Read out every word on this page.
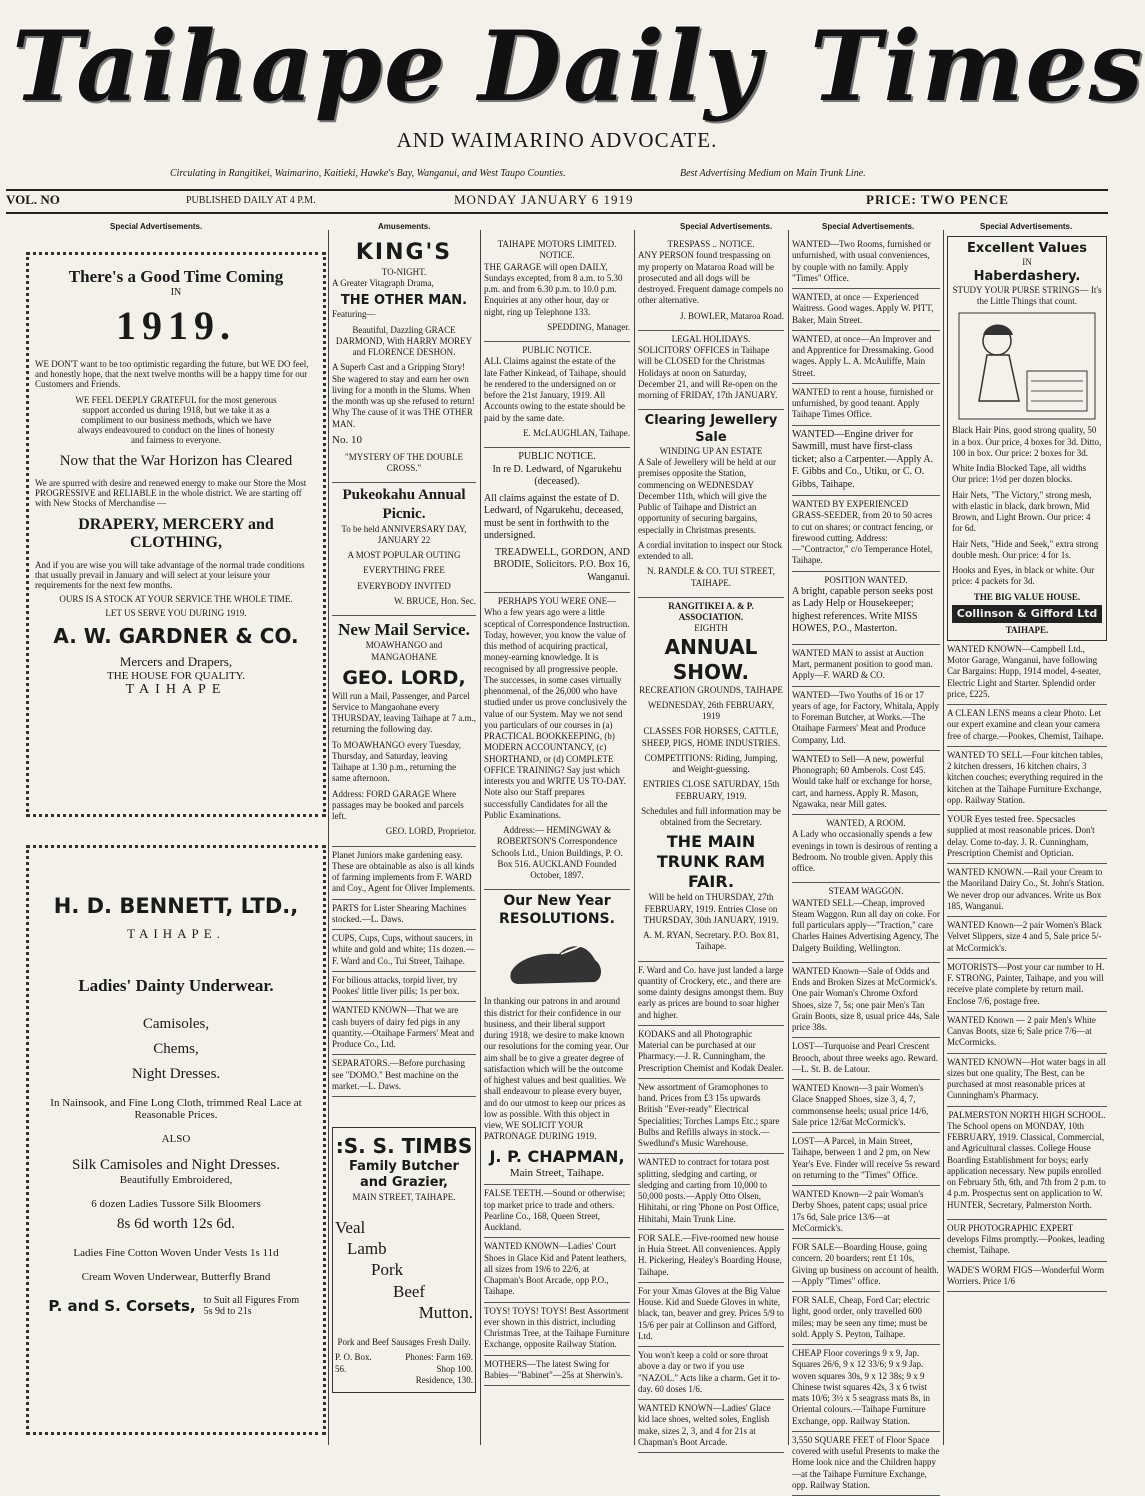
Taihape Daily Times
AND WAIMARINO ADVOCATE.
Circulating in Rangitikei, Waimarino, Kaitieki, Hawke's Bay, Wanganui, and West Taupo Counties.	Best Advertising Medium on Main Trunk Line.
VOL. NO	PUBLISHED DAILY AT 4 P.M.	MONDAY JANUARY 6 1919	PRICE: TWO PENCE
Special Advertisements.	Amusements.	Special Advertisements.	Special Advertisements.	Special Advertisements.
There's a Good Time Coming
IN
1919.

WE DON'T want to be too optimistic regarding the future, but WE DO feel, and honestly hope, that the next twelve months will be a happy time for our Customers and Friends.

WE FEEL DEEPLY GRATEFUL for the most generous support accorded us during 1918, but we take it as a compliment to our business methods, which we have always endeavoured to conduct on the lines of honesty and fairness to everyone.

Now that the War Horizon has Cleared

We are spurred with desire and renewed energy to make our Store the Most PROGRESSIVE and RELIABLE in the whole district. We are starting off with New Stocks of Merchandise —

DRAPERY, MERCERY and CLOTHING,

And if you are wise you will take advantage of the normal trade conditions that usually prevail in January and will select at your leisure your requirements for the next few months.

OURS IS A STOCK AT YOUR SERVICE THE WHOLE TIME.

LET US SERVE YOU DURING 1919.

A. W. GARDNER & CO.
Mercers and Drapers,
THE HOUSE FOR QUALITY.
TAIHAPE
H. D. BENNETT, LTD.,
TAIHAPE.
Ladies' Dainty Underwear.
Camisoles,
Chems,
Night Dresses.

In Nainsook, and Fine Long Cloth, trimmed Real Lace at Reasonable Prices.

ALSO
Silk Camisoles and Night Dresses.

Beautifully Embroidered,

6 dozen Ladies Tussore Silk Bloomers

8s 6d worth 12s 6d.

Ladies Fine Cotton Woven Under Vests 1s 11d

Cream Woven Underwear, Butterfly Brand

P. and S. Corsets, to Suit all Figures From 5s 9d to 21s
KING'S
TO-NIGHT.

A Greater Vitagraph Drama,

THE OTHER MAN.

Featuring—

Beautiful, Dazzling GRACE DARMOND, With HARRY MOREY and FLORENCE DESHON.

A Superb Cast and a Gripping Story! She wagered to stay and earn her own living for a month in the Slums. When the month was up she refused to return! Why The cause of it was THE OTHER MAN.

No. 10

"MYSTERY OF THE DOUBLE CROSS."

Pukeokahu Annual Picnic.

To be held ANNIVERSARY DAY, JANUARY 22

A MOST POPULAR OUTING

EVERYTHING FREE

EVERYBODY INVITED

W. BRUCE, Hon. Sec.

New Mail Service.

MOAWHANGO and MANGAOHANE

GEO. LORD,

Will run a Mail, Passenger, and Parcel Service to Mangaohane every THURSDAY, leaving Taihape at 7 a.m., returning the following day.

To MOAWHANGO every Tuesday, Thursday, and Saturday, leaving Taihape at 1.30 p.m., returning the same afternoon.

Address: FORD GARAGE Where passages may be booked and parcels left.

GEO. LORD, Proprietor.

Planet Juniors make gardening easy. These are obtainable as also is all kinds of farming implements from F. WARD and Coy., Agent for Oliver Implements.
PARTS for Lister Shearing Machines stocked.—L. Daws.
CUPS, Cups, Cups, without saucers, in white and gold and white; 11s dozen.—F. Ward and Co., Tui Street, Taihape.
For bilious attacks, torpid liver, try Pookes' little liver pills; 1s per box.
WANTED KNOWN—That we are cash buyers of dairy fed pigs in any quantity.—Otaihape Farmers' Meat and Produce Co., Ltd.
SEPARATORS.—Before purchasing see "DOMO." Best machine on the market.—L. Daws.
:S. S. TIMBS
Family Butcher and Grazier,

MAIN STREET, TAIHAPE.

Veal
Lamb
Pork
Beef
Mutton.

Pork and Beef Sausages Fresh Daily.

P. O. Box. 56.
Phones: Farm 169. Shop 100. Residence, 130.
TAIHAPE MOTORS LIMITED.
NOTICE.

THE GARAGE will open DAILY, Sundays excepted, from 8 a.m. to 5.30 p.m. and from 6.30 p.m. to 10.0 p.m. Enquiries at any other hour, day or night, ring up Telephone 133.

SPEDDING, Manager.

PUBLIC NOTICE.

ALL Claims against the estate of the late Father Kinkead, of Taihape, should be rendered to the undersigned on or before the 21st January, 1919. All Accounts owing to the estate should be paid by the same date.

E. McLAUGHLAN, Taihape.

PUBLIC NOTICE.

In re D. Ledward, of Ngarukehu (deceased).

All claims against the estate of D. Ledward, of Ngarukehu, deceased, must be sent in forthwith to the undersigned.

TREADWELL, GORDON, AND BRODIE, Solicitors. P.O. Box 16, Wanganui.

PERHAPS YOU WERE ONE—

Who a few years ago were a little sceptical of Correspondence Instruction. Today, however, you know the value of this method of acquiring practical, money-earning knowledge. It is recognised by all progressive people. The successes, in some cases virtually phenomenal, of the 26,000 who have studied under us prove conclusively the value of our System. May we not send you particulars of our courses in (a) PRACTICAL BOOKKEEPING, (b) MODERN ACCOUNTANCY, (c) SHORTHAND, or (d) COMPLETE OFFICE TRAINING? Say just which interests you and WRITE US TO-DAY. Note also our Staff prepares successfully Candidates for all the Public Examinations.

Address:— HEMINGWAY & ROBERTSON'S Correspondence Schools Ltd., Union Buildings, P. O. Box 516. AUCKLAND Founded October, 1897.

Our New Year RESOLUTIONS.

In thanking our patrons in and around this district for their confidence in our business, and their liberal support during 1918, we desire to make known our resolutions for the coming year. Our aim shall be to give a greater degree of satisfaction which will be the outcome of highest values and best qualities. We shall endeavour to please every buyer, and do our utmost to keep our prices as low as possible. With this object in view, WE SOLICIT YOUR PATRONAGE DURING 1919.

J. P. CHAPMAN,
Main Street, Taihape.
FALSE TEETH.—Sound or otherwise; top market price to trade and others. Pearline Co., 168, Queen Street, Auckland.
WANTED KNOWN—Ladies' Court Shoes in Glace Kid and Patent leathers, all sizes from 19/6 to 22/6, at Chapman's Boot Arcade, opp P.O., Taihape.
TOYS! TOYS! TOYS! Best Assortment ever shown in this district, including Christmas Tree, at the Taihape Furniture Exchange, opposite Railway Station.
MOTHERS—The latest Swing for Babies—"Babinet"—25s at Sherwin's.
TRESPASS .. NOTICE.

ANY PERSON found trespassing on my property on Mataroa Road will be prosecuted and all dogs will be destroyed. Frequent damage compels no other alternative.

J. BOWLER, Mataroa Road.

LEGAL HOLIDAYS.

SOLICITORS' OFFICES in Taihape will be CLOSED for the Christmas Holidays at noon on Saturday, December 21, and will Re-open on the morning of FRIDAY, 17th JANUARY.

Clearing Jewellery Sale
WINDING UP AN ESTATE

A Sale of Jewellery will be held at our premises opposite the Station, commencing on WEDNESDAY December 11th, which will give the Public of Taihape and District an opportunity of securing bargains, especially in Christmas presents.

A cordial invitation to inspect our Stock extended to all.

N. RANDLE & CO. TUI STREET, TAIHAPE.

RANGITIKEI A. & P. ASSOCIATION.
EIGHTH
ANNUAL SHOW.

RECREATION GROUNDS, TAIHAPE

WEDNESDAY, 26th FEBRUARY, 1919

CLASSES FOR HORSES, CATTLE, SHEEP, PIGS, HOME INDUSTRIES.

COMPETITIONS: Riding, Jumping, and Weight-guessing.

ENTRIES CLOSE SATURDAY, 15th FEBRUARY, 1919.

Schedules and full information may be obtained from the Secretary.

THE MAIN TRUNK RAM FAIR.

Will be held on THURSDAY, 27th FEBRUARY, 1919. Entries Close on THURSDAY, 30th JANUARY, 1919.

A. M. RYAN, Secretary. P.O. Box 81, Taihape.

F. Ward and Co. have just landed a large quantity of Crockery, etc., and there are some dainty designs amongst them. Buy early as prices are bound to soar higher and higher.
KODAKS and all Photographic Material can be purchased at our Pharmacy.—J. R. Cunningham, the Prescription Chemist and Kodak Dealer.
New assortment of Gramophones to hand. Prices from £3 15s upwards British "Ever-ready" Electrical Specialities; Torches Lamps Etc.; spare Bulbs and Refills always in stock.—Swedlund's Music Warehouse.
WANTED to contract for totara post splitting, sledging and carting, or sledging and carting from 10,000 to 50,000 posts.—Apply Otto Olsen, Hihitahi, or ring 'Phone on Post Office, Hihitahi, Main Trunk Line.
FOR SALE.—Five-roomed new house in Huia Street. All conveniences. Apply H. Pickering, Healey's Boarding House, Taihape.
For your Xmas Gloves at the Big Value House. Kid and Suede Gloves in white, black, tan, beaver and grey. Prices 5/9 to 15/6 per pair at Collinson and Gifford, Ltd.
You won't keep a cold or sore throat above a day or two if you use "NAZOL." Acts like a charm. Get it to-day. 60 doses 1/6.
WANTED KNOWN—Ladies' Glace kid lace shoes, welted soles, English make, sizes 2, 3, and 4 for 21s at Chapman's Boot Arcade.
WANTED—Two Rooms, furnished or unfurnished, with usual conveniences, by couple with no family. Apply "Times" Office.
WANTED, at once — Experienced Waitress. Good wages. Apply W. PITT, Baker, Main Street.
WANTED, at once—An Improver and and Apprentice for Dressmaking. Good wages. Apply L. A. McAuliffe, Main Street.
WANTED to rent a house, furnished or unfurnished, by good tenant. Apply Taihape Times Office.
WANTED—Engine driver for Sawmill, must have first-class ticket; also a Carpenter.—Apply A. F. Gibbs and Co., Utiku, or C. O. Gibbs, Taihape.
WANTED BY EXPERIENCED GRASS-SEEDER, from 20 to 50 acres to cut on shares; or contract fencing, or firewood cutting. Address:—"Contractor," c/o Temperance Hotel, Taihape.
POSITION WANTED.

A bright, capable person seeks post as Lady Help or Housekeeper; highest references. Write MISS HOWES, P.O., Masterton.

WANTED MAN to assist at Auction Mart, permanent position to good man. Apply—F. WARD & CO.
WANTED—Two Youths of 16 or 17 years of age, for Factory, Whitala, Apply to Foreman Butcher, at Works.—The Otaihape Farmers' Meat and Produce Company, Ltd.
WANTED to Sell—A new, powerful Phonograph; 60 Amberols. Cost £45. Would take half or exchange for horse, cart, and harness. Apply R. Mason, Ngawaka, near Mill gates.
WANTED, A ROOM.

A Lady who occasionally spends a few evenings in town is desirous of renting a Bedroom. No trouble given. Apply this office.

STEAM WAGGON.

WANTED SELL—Cheap, improved Steam Waggon. Run all day on coke. For full particulars apply—"Traction," care Charles Haines Advertising Agency, The Dalgety Building, Wellington.

WANTED Known—Sale of Odds and Ends and Broken Sizes at McCormick's. One pair Woman's Chrome Oxford Shoes, size 7, 5s; one pair Men's Tan Grain Boots, size 8, usual price 44s, Sale price 38s.
LOST—Turquoise and Pearl Crescent Brooch, about three weeks ago. Reward.—L. St. B. de Latour.
WANTED Known—3 pair Women's Glace Snapped Shoes, size 3, 4, 7, commonsense heels; usual price 14/6, Sale price 12/6at McCormick's.
LOST—A Parcel, in Main Street, Taihape, between 1 and 2 pm, on New Year's Eve. Finder will receive 5s reward on returning to the "Times" Office.
WANTED Known—2 pair Woman's Derby Shoes, patent caps; usual price 17s 6d, Sale price 13/6—at McCormick's.
FOR SALE—Boarding House, going concern. 20 boarders; rent £1 10s, Giving up business on account of health.—Apply "Times" office.
FOR SALE, Cheap, Ford Car; electric light, good order, only travelled 600 miles; may be seen any time; must be sold. Apply S. Peyton, Taihape.
CHEAP Floor coverings 9 x 9, Jap. Squares 26/6, 9 x 12 33/6; 9 x 9 Jap. woven squares 30s, 9 x 12 38s; 9 x 9 Chinese twist squares 42s, 3 x 6 twist mats 10/6; 3½ x 5 seagrass mats 8s, in Oriental colours.—Taihape Furniture Exchange, opp. Railway Station.
3,550 SQUARE FEET of Floor Space covered with useful Presents to make the Home look nice and the Children happy—at the Taihape Furniture Exchange, opp. Railway Station.
Excellent Values
IN
Haberdashery.

STUDY YOUR PURSE STRINGS— It's the Little Things that count.

Black Hair Pins, good strong quality, 50 in a box. Our price, 4 boxes for 3d. Ditto, 100 in box. Our price: 2 boxes for 3d.

White India Blocked Tape, all widths Our price: 1½d per dozen blocks.

Hair Nets, "The Victory," strong mesh, with elastic in black, dark brown, Mid Brown, and Light Brown. Our price: 4 for 6d.

Hair Nets, "Hide and Seek," extra strong double mesh. Our price: 4 for 1s.

Hooks and Eyes, in black or white. Our price: 4 packets for 3d.

THE BIG VALUE HOUSE.
Collinson & Gifford Ltd
TAIHAPE.
WANTED KNOWN—Campbell Ltd., Motor Garage, Wanganui, have following Car Bargains: Hupp, 1914 model, 4-seater, Electric Light and Starter. Splendid order price, £225.
A CLEAN LENS means a clear Photo. Let our expert examine and clean your camera free of charge.—Pookes, Chemist, Taihape.
WANTED TO SELL—Four kitchen tables, 2 kitchen dressers, 16 kitchen chairs, 3 kitchen couches; everything required in the kitchen at the Taihape Furniture Exchange, opp. Railway Station.
YOUR Eyes tested free. Specsacles supplied at most reasonable prices. Don't delay. Come to-day. J. R. Cunningham, Prescription Chemist and Optician.
WANTED KNOWN.—Rail your Cream to the Maoriland Dairy Co., St. John's Station. We never drop our advances. Write us Box 185, Wanganui.
WANTED Known—2 pair Women's Black Velvet Slippers, size 4 and 5, Sale price 5/- at McCormick's.
MOTORISTS—Post your car number to H. F. STRONG, Painter, Taihape, and you will receive plate complete by return mail. Enclose 7/6, postage free.
WANTED Known — 2 pair Men's White Canvas Boots, size 6; Sale price 7/6—at McCormicks.
WANTED KNOWN—Hot water bags in all sizes but one quality, The Best, can be purchased at most reasonable prices at Cunningham's Pharmacy.
PALMERSTON NORTH HIGH SCHOOL.

The School opens on MONDAY, 10th FEBRUARY, 1919. Classical, Commercial, and Agricultural classes. College House Boarding Establishment for boys; early application necessary. New pupils enrolled on February 5th, 6th, and 7th from 2 p.m. to 4 p.m. Prospectus sent on application to W. HUNTER, Secretary, Palmerston North.

OUR PHOTOGRAPHIC EXPERT develops Films promptly.—Pookes, leading chemist, Taihape.
WADE'S WORM FIGS—Wonderful Worm Worriers. Price 1/6
